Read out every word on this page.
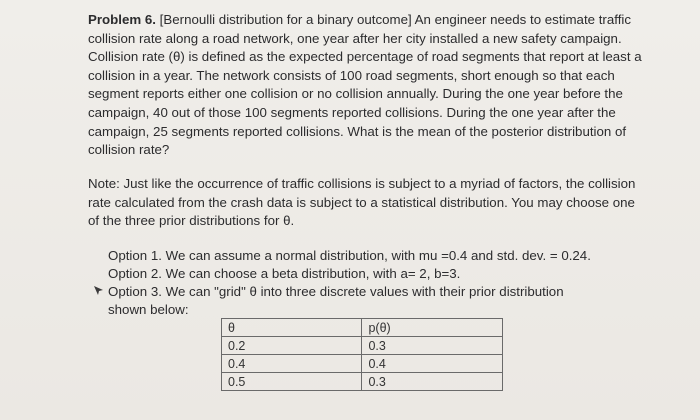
Problem 6. [Bernoulli distribution for a binary outcome] An engineer needs to estimate traffic collision rate along a road network, one year after her city installed a new safety campaign. Collision rate (θ) is defined as the expected percentage of road segments that report at least a collision in a year. The network consists of 100 road segments, short enough so that each segment reports either one collision or no collision annually. During the one year before the campaign, 40 out of those 100 segments reported collisions. During the one year after the campaign, 25 segments reported collisions. What is the mean of the posterior distribution of collision rate?

Note: Just like the occurrence of traffic collisions is subject to a myriad of factors, the collision rate calculated from the crash data is subject to a statistical distribution. You may choose one of the three prior distributions for θ.

Option 1. We can assume a normal distribution, with mu =0.4 and std. dev. = 0.24.

Option 2. We can choose a beta distribution, with a= 2, b=3.

Option 3. We can "grid" θ into three discrete values with their prior distribution

shown below:

θ	p(θ)
0.2	0.3
0.4	0.4
0.5	0.3
